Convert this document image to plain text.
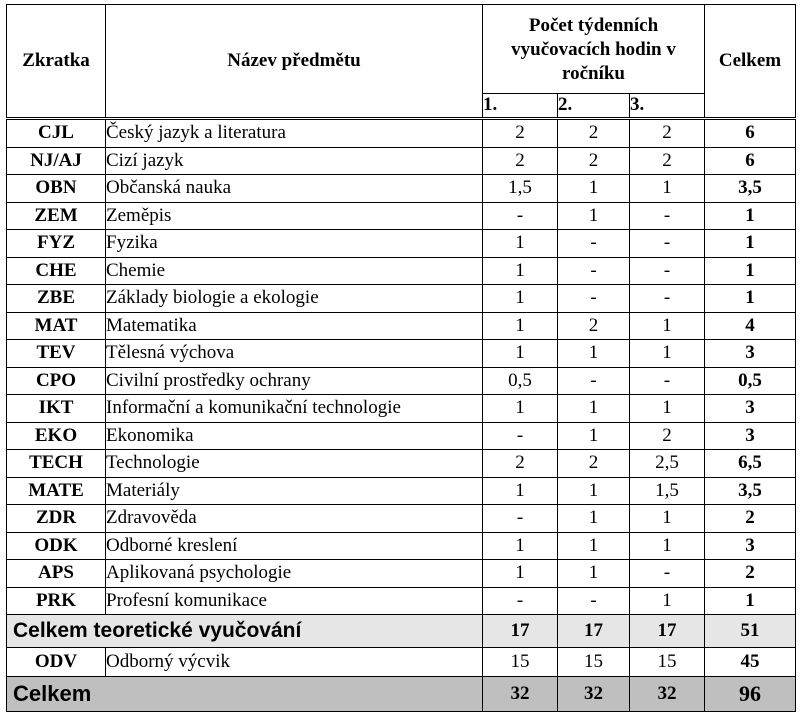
Zkratka	Název předmětu	Počet týdenních vyučovacích hodin v ročníku			Celkem
		1.	2.	3.	
CJL	Český jazyk a literatura	2	2	2	6
NJ/AJ	Cizí jazyk	2	2	2	6
OBN	Občanská nauka	1,5	1	1	3,5
ZEM	Zeměpis	-	1	-	1
FYZ	Fyzika	1	-	-	1
CHE	Chemie	1	-	-	1
ZBE	Základy biologie a ekologie	1	-	-	1
MAT	Matematika	1	2	1	4
TEV	Tělesná výchova	1	1	1	3
CPO	Civilní prostředky ochrany	0,5	-	-	0,5
IKT	Informační a komunikační technologie	1	1	1	3
EKO	Ekonomika	-	1	2	3
TECH	Technologie	2	2	2,5	6,5
MATE	Materiály	1	1	1,5	3,5
ZDR	Zdravověda	-	1	1	2
ODK	Odborné kreslení	1	1	1	3
APS	Aplikovaná psychologie	1	1	-	2
PRK	Profesní komunikace	-	-	1	1
Celkem teoretické vyučování		17	17	17	51
ODV	Odborný výcvik	15	15	15	45
Celkem		32	32	32	96
